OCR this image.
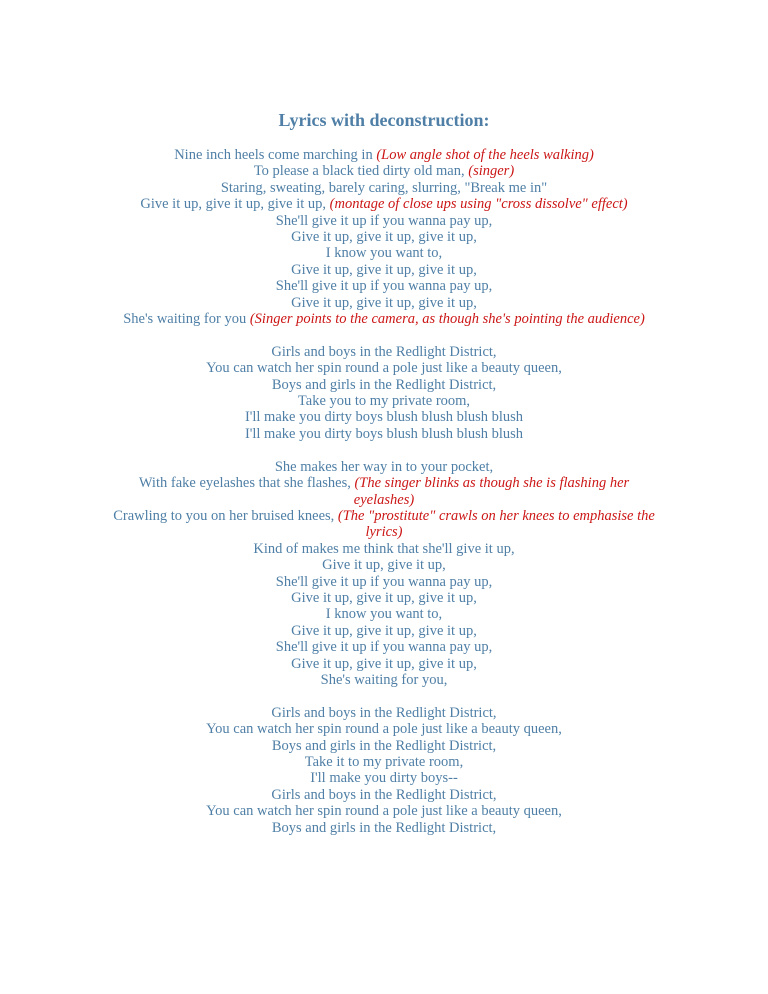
Lyrics with deconstruction:
Nine inch heels come marching in (Low angle shot of the heels walking)
To please a black tied dirty old man, (singer)
Staring, sweating, barely caring, slurring, "Break me in"
Give it up, give it up, give it up, (montage of close ups using "cross dissolve" effect)
She'll give it up if you wanna pay up,
Give it up, give it up, give it up,
I know you want to,
Give it up, give it up, give it up,
She'll give it up if you wanna pay up,
Give it up, give it up, give it up,
She's waiting for you (Singer points to the camera, as though she's pointing the audience)
Girls and boys in the Redlight District,
You can watch her spin round a pole just like a beauty queen,
Boys and girls in the Redlight District,
Take you to my private room,
I'll make you dirty boys blush blush blush blush
I'll make you dirty boys blush blush blush blush
She makes her way in to your pocket,
With fake eyelashes that she flashes, (The singer blinks as though she is flashing her eyelashes)
Crawling to you on her bruised knees, (The "prostitute" crawls on her knees to emphasise the lyrics)
Kind of makes me think that she'll give it up,
Give it up, give it up,
She'll give it up if you wanna pay up,
Give it up, give it up, give it up,
I know you want to,
Give it up, give it up, give it up,
She'll give it up if you wanna pay up,
Give it up, give it up, give it up,
She's waiting for you,
Girls and boys in the Redlight District,
You can watch her spin round a pole just like a beauty queen,
Boys and girls in the Redlight District,
Take it to my private room,
I'll make you dirty boys--
Girls and boys in the Redlight District,
You can watch her spin round a pole just like a beauty queen,
Boys and girls in the Redlight District,
